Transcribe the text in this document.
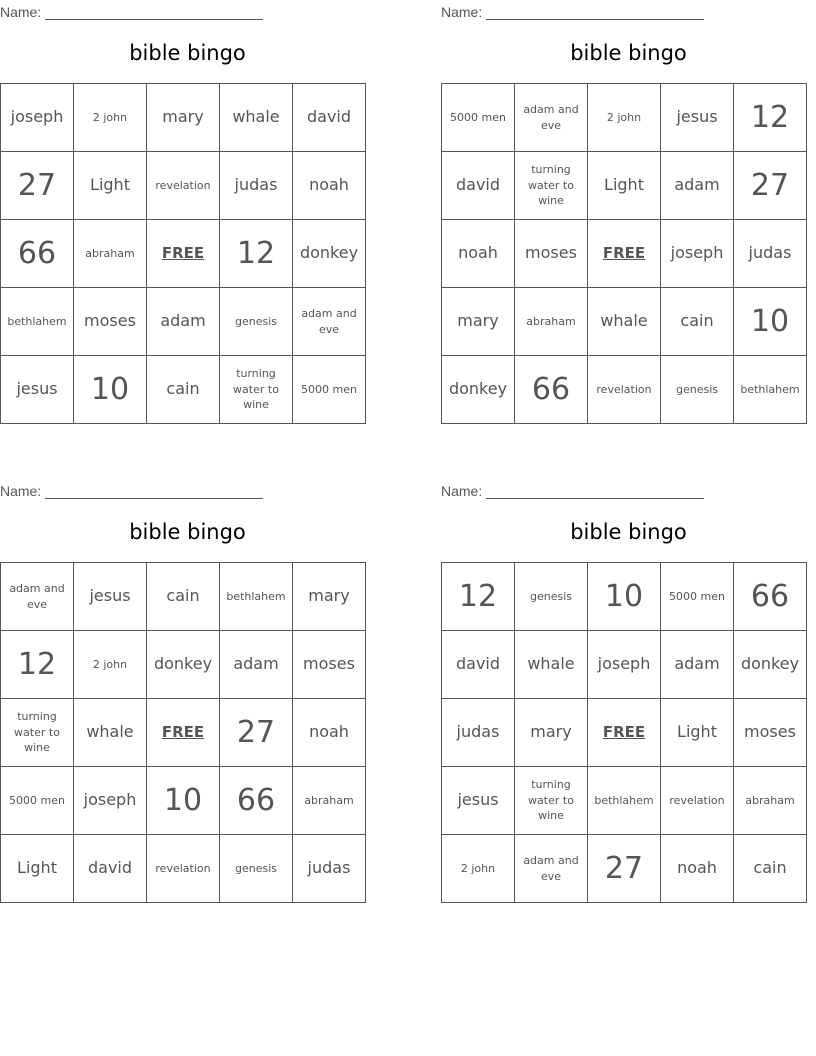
Name:
bible bingo
joseph	2 john	mary	whale	david
27	Light	revelation	judas	noah
66	abraham	FREE	12	donkey
bethlahem	moses	adam	genesis	adam and eve
jesus	10	cain	turning water to wine	5000 men
Name:
bible bingo
5000 men	adam and eve	2 john	jesus	12
david	turning water to wine	Light	adam	27
noah	moses	FREE	joseph	judas
mary	abraham	whale	cain	10
donkey	66	revelation	genesis	bethlahem
Name:
bible bingo
adam and eve	jesus	cain	bethlahem	mary
12	2 john	donkey	adam	moses
turning water to wine	whale	FREE	27	noah
5000 men	joseph	10	66	abraham
Light	david	revelation	genesis	judas
Name:
bible bingo
12	genesis	10	5000 men	66
david	whale	joseph	adam	donkey
judas	mary	FREE	Light	moses
jesus	turning water to wine	bethlahem	revelation	abraham
2 john	adam and eve	27	noah	cain
